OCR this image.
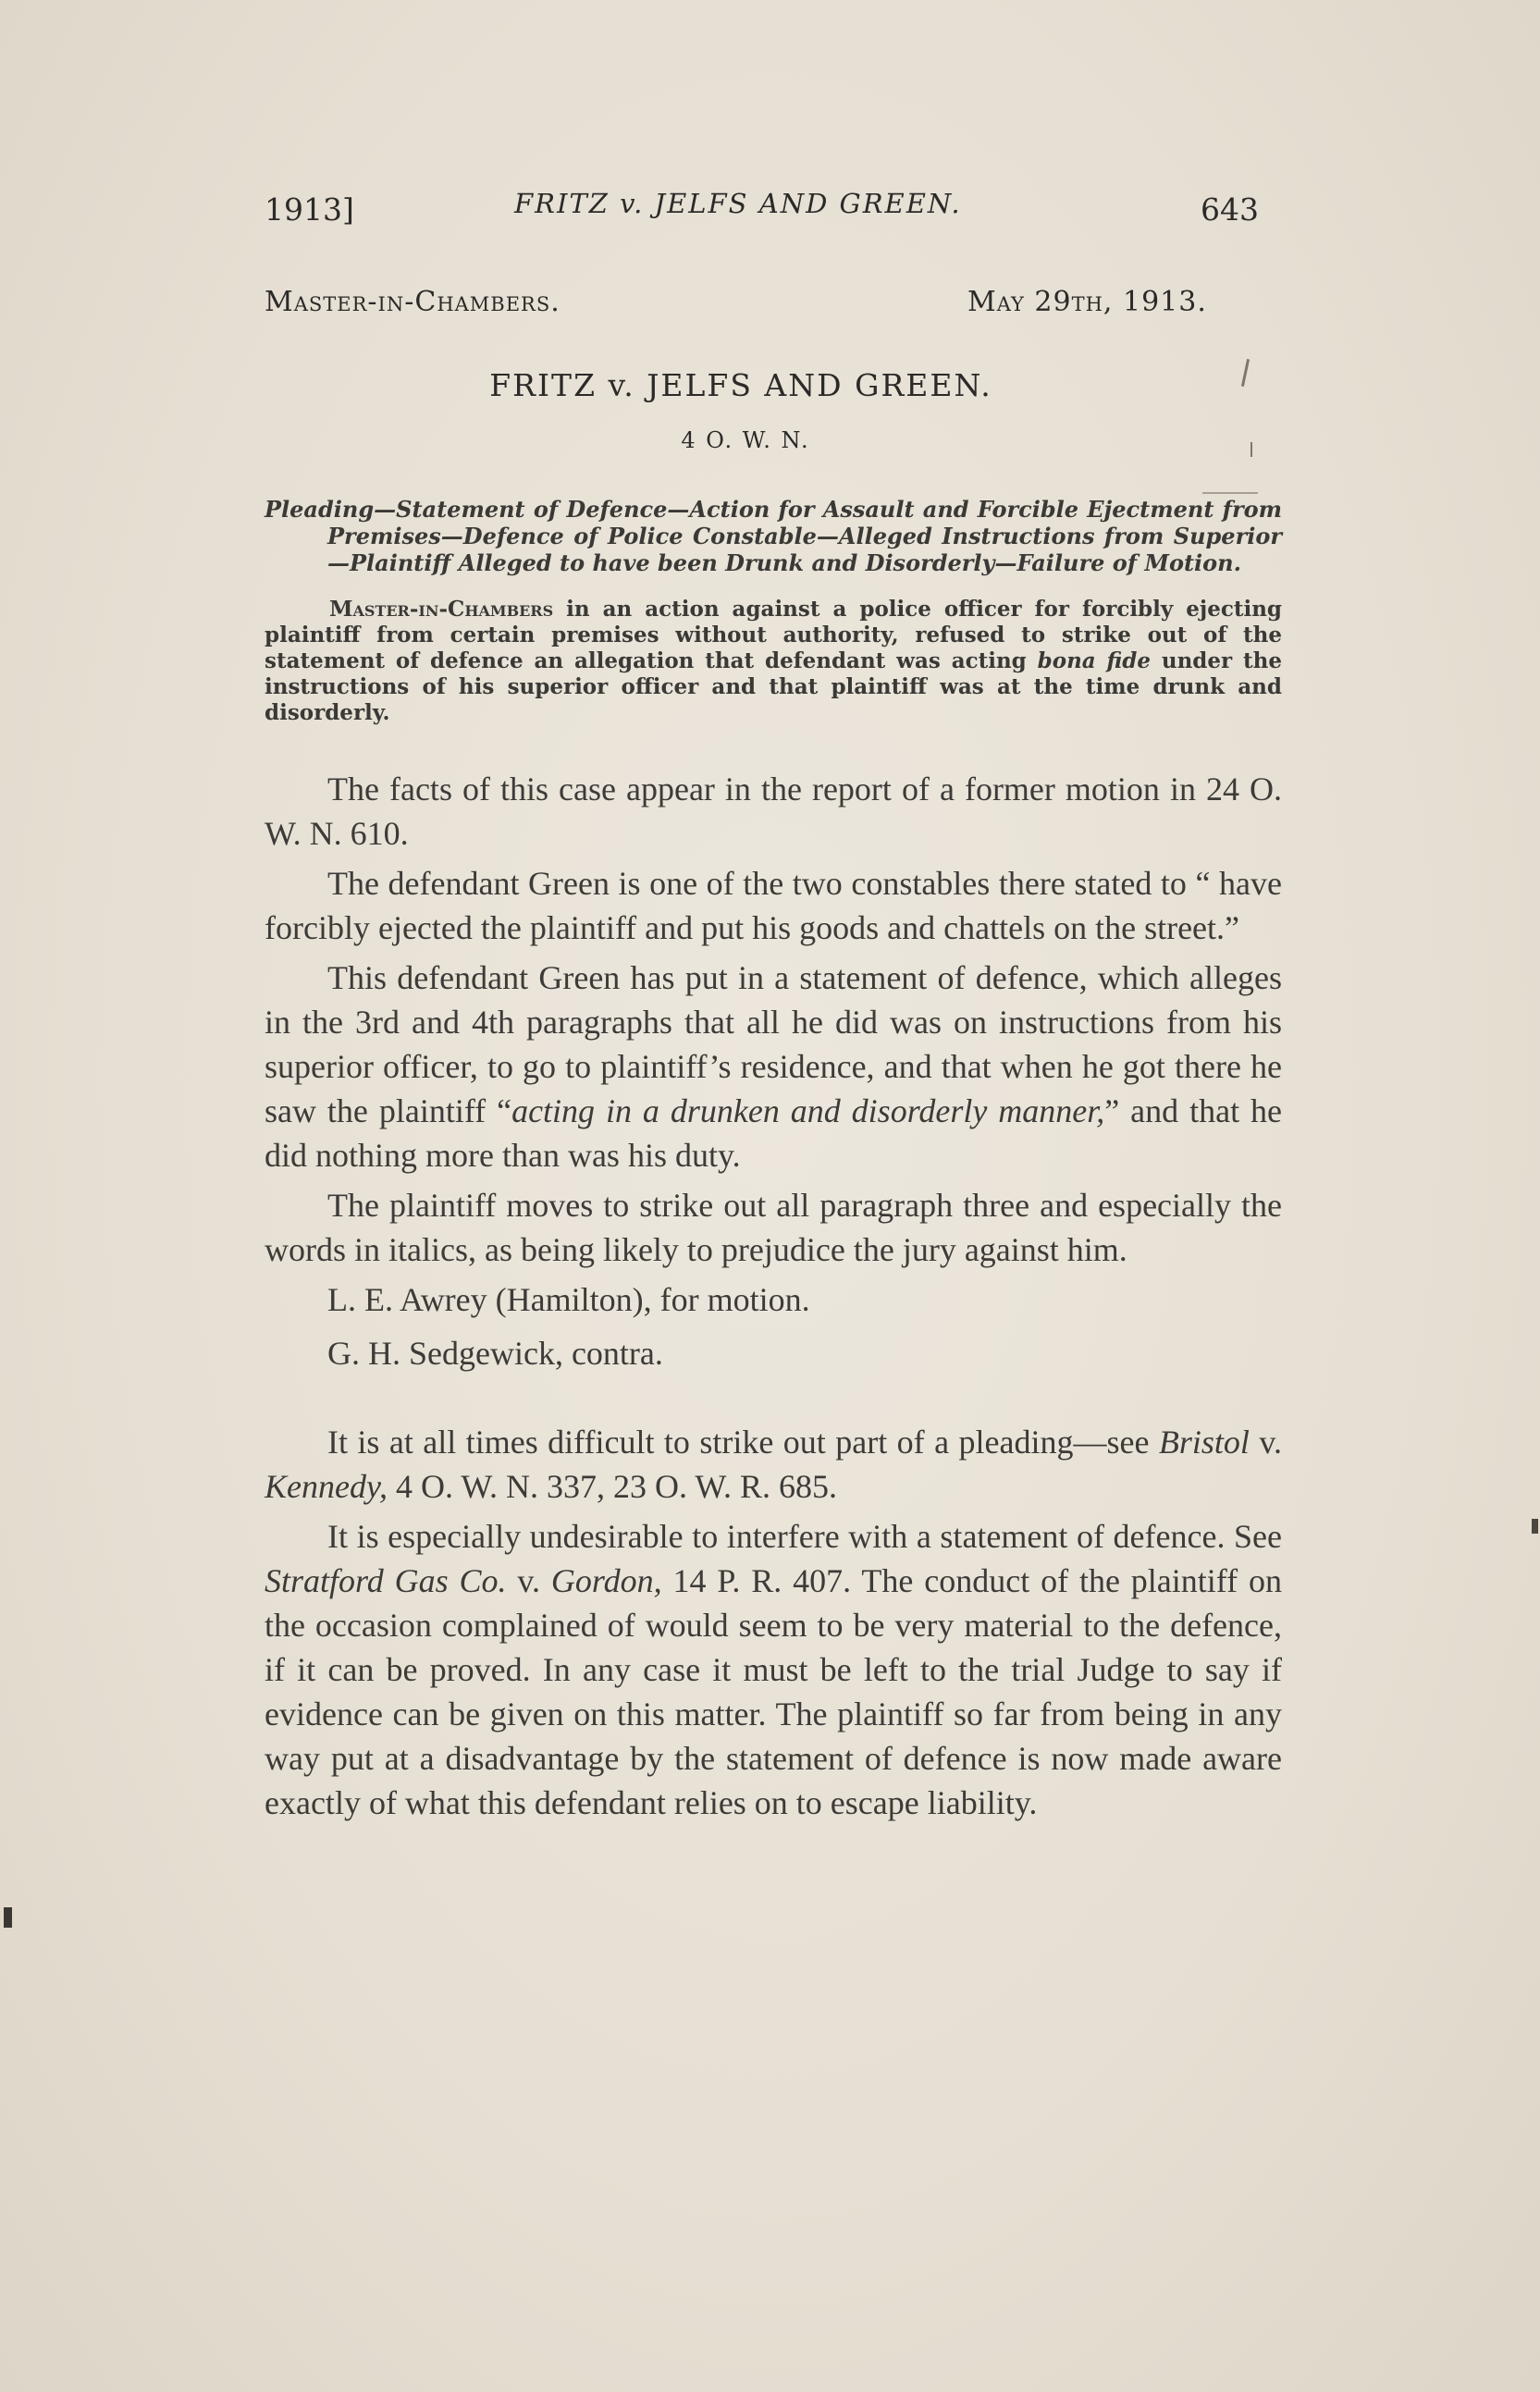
1913]	FRITZ v. JELFS AND GREEN.	643
Master-in-Chambers.	May 29th, 1913.
FRITZ v. JELFS AND GREEN.
4 O. W. N.
Pleading—Statement of Defence—Action for Assault and Forcible Ejectment from Premises—Defence of Police Constable—Alleged Instructions from Superior—Plaintiff Alleged to have been Drunk and Disorderly—Failure of Motion.
Master-in-Chambers in an action against a police officer for forcibly ejecting plaintiff from certain premises without authority, refused to strike out of the statement of defence an allegation that defendant was acting bona fide under the instructions of his superior officer and that plaintiff was at the time drunk and disorderly.

The facts of this case appear in the report of a former motion in 24 O. W. N. 610.

The defendant Green is one of the two constables there stated to “ have forcibly ejected the plaintiff and put his goods and chattels on the street.”

This defendant Green has put in a statement of defence, which alleges in the 3rd and 4th paragraphs that all he did was on instructions from his superior officer, to go to plaintiff’s residence, and that when he got there he saw the plaintiff “acting in a drunken and disorderly manner,” and that he did nothing more than was his duty.

The plaintiff moves to strike out all paragraph three and especially the words in italics, as being likely to prejudice the jury against him.

L. E. Awrey (Hamilton), for motion.

G. H. Sedgewick, contra.

It is at all times difficult to strike out part of a pleading—see Bristol v. Kennedy, 4 O. W. N. 337, 23 O. W. R. 685.

It is especially undesirable to interfere with a statement of defence. See Stratford Gas Co. v. Gordon, 14 P. R. 407. The conduct of the plaintiff on the occasion complained of would seem to be very material to the defence, if it can be proved. In any case it must be left to the trial Judge to say if evidence can be given on this matter. The plaintiff so far from being in any way put at a disadvantage by the statement of defence is now made aware exactly of what this defendant relies on to escape liability.
